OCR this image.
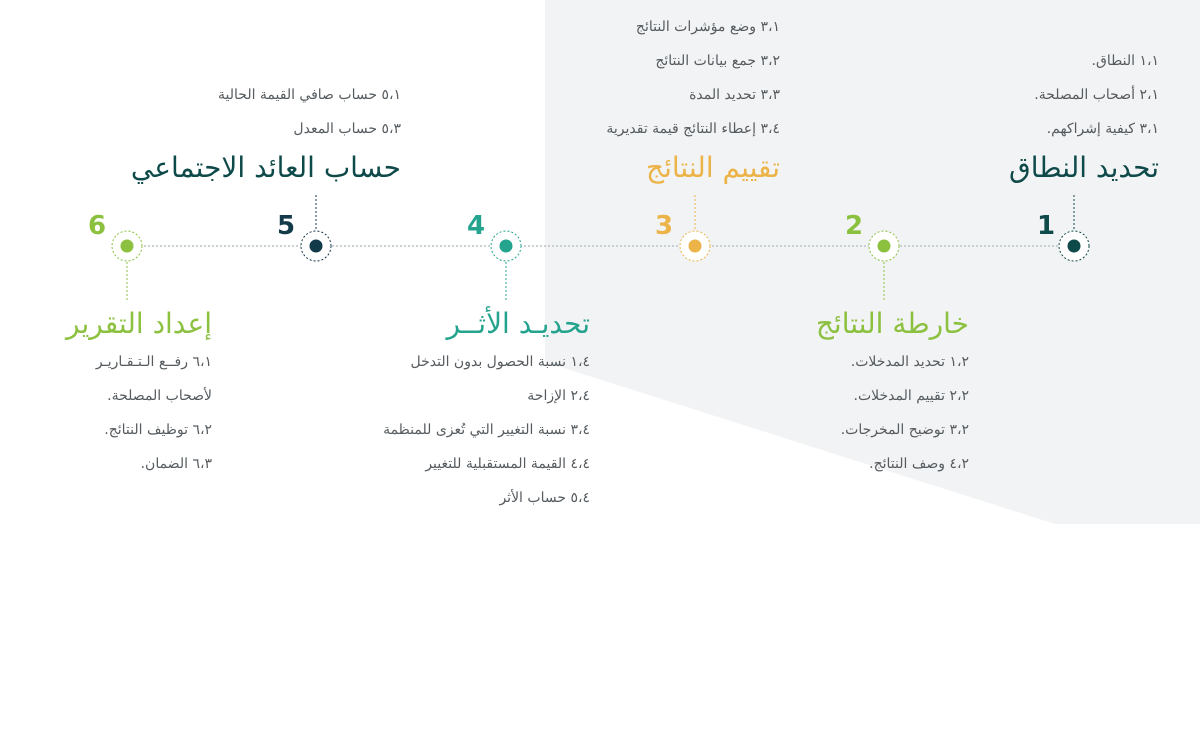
1
2
3
4
5
6
تحديد النطاق
١،١ النطاق.
٢،١ أصحاب المصلحة.
٣،١ كيفية إشراكهم.
خارطة النتائج
١،٢ تحديد المدخلات.
٢،٢ تقييم المدخلات.
٣،٢ توضيح المخرجات.
٤،٢ وصف النتائج.
تقييم النتائج
٣،١ وضع مؤشرات النتائج
٣،٢ جمع بيانات النتائج
٣،٣ تحديد المدة
٣،٤ إعطاء النتائج قيمة تقديرية
تحديـد الأثــر
١،٤ نسبة الحصول بدون التدخل
٢،٤ الإزاحة
٣،٤ نسبة التغيير التي تُعزى للمنظمة
٤،٤ القيمة المستقبلية للتغيير
٥،٤ حساب الأثر
حساب العائد الاجتماعي
٥،١ حساب صافي القيمة الحالية
٥،٣ حساب المعدل
إعداد التقرير
٦،١ رفــع الـتـقـاريـر
لأصحاب المصلحة.
٦،٢ توظيف النتائج.
٦،٣ الضمان.
